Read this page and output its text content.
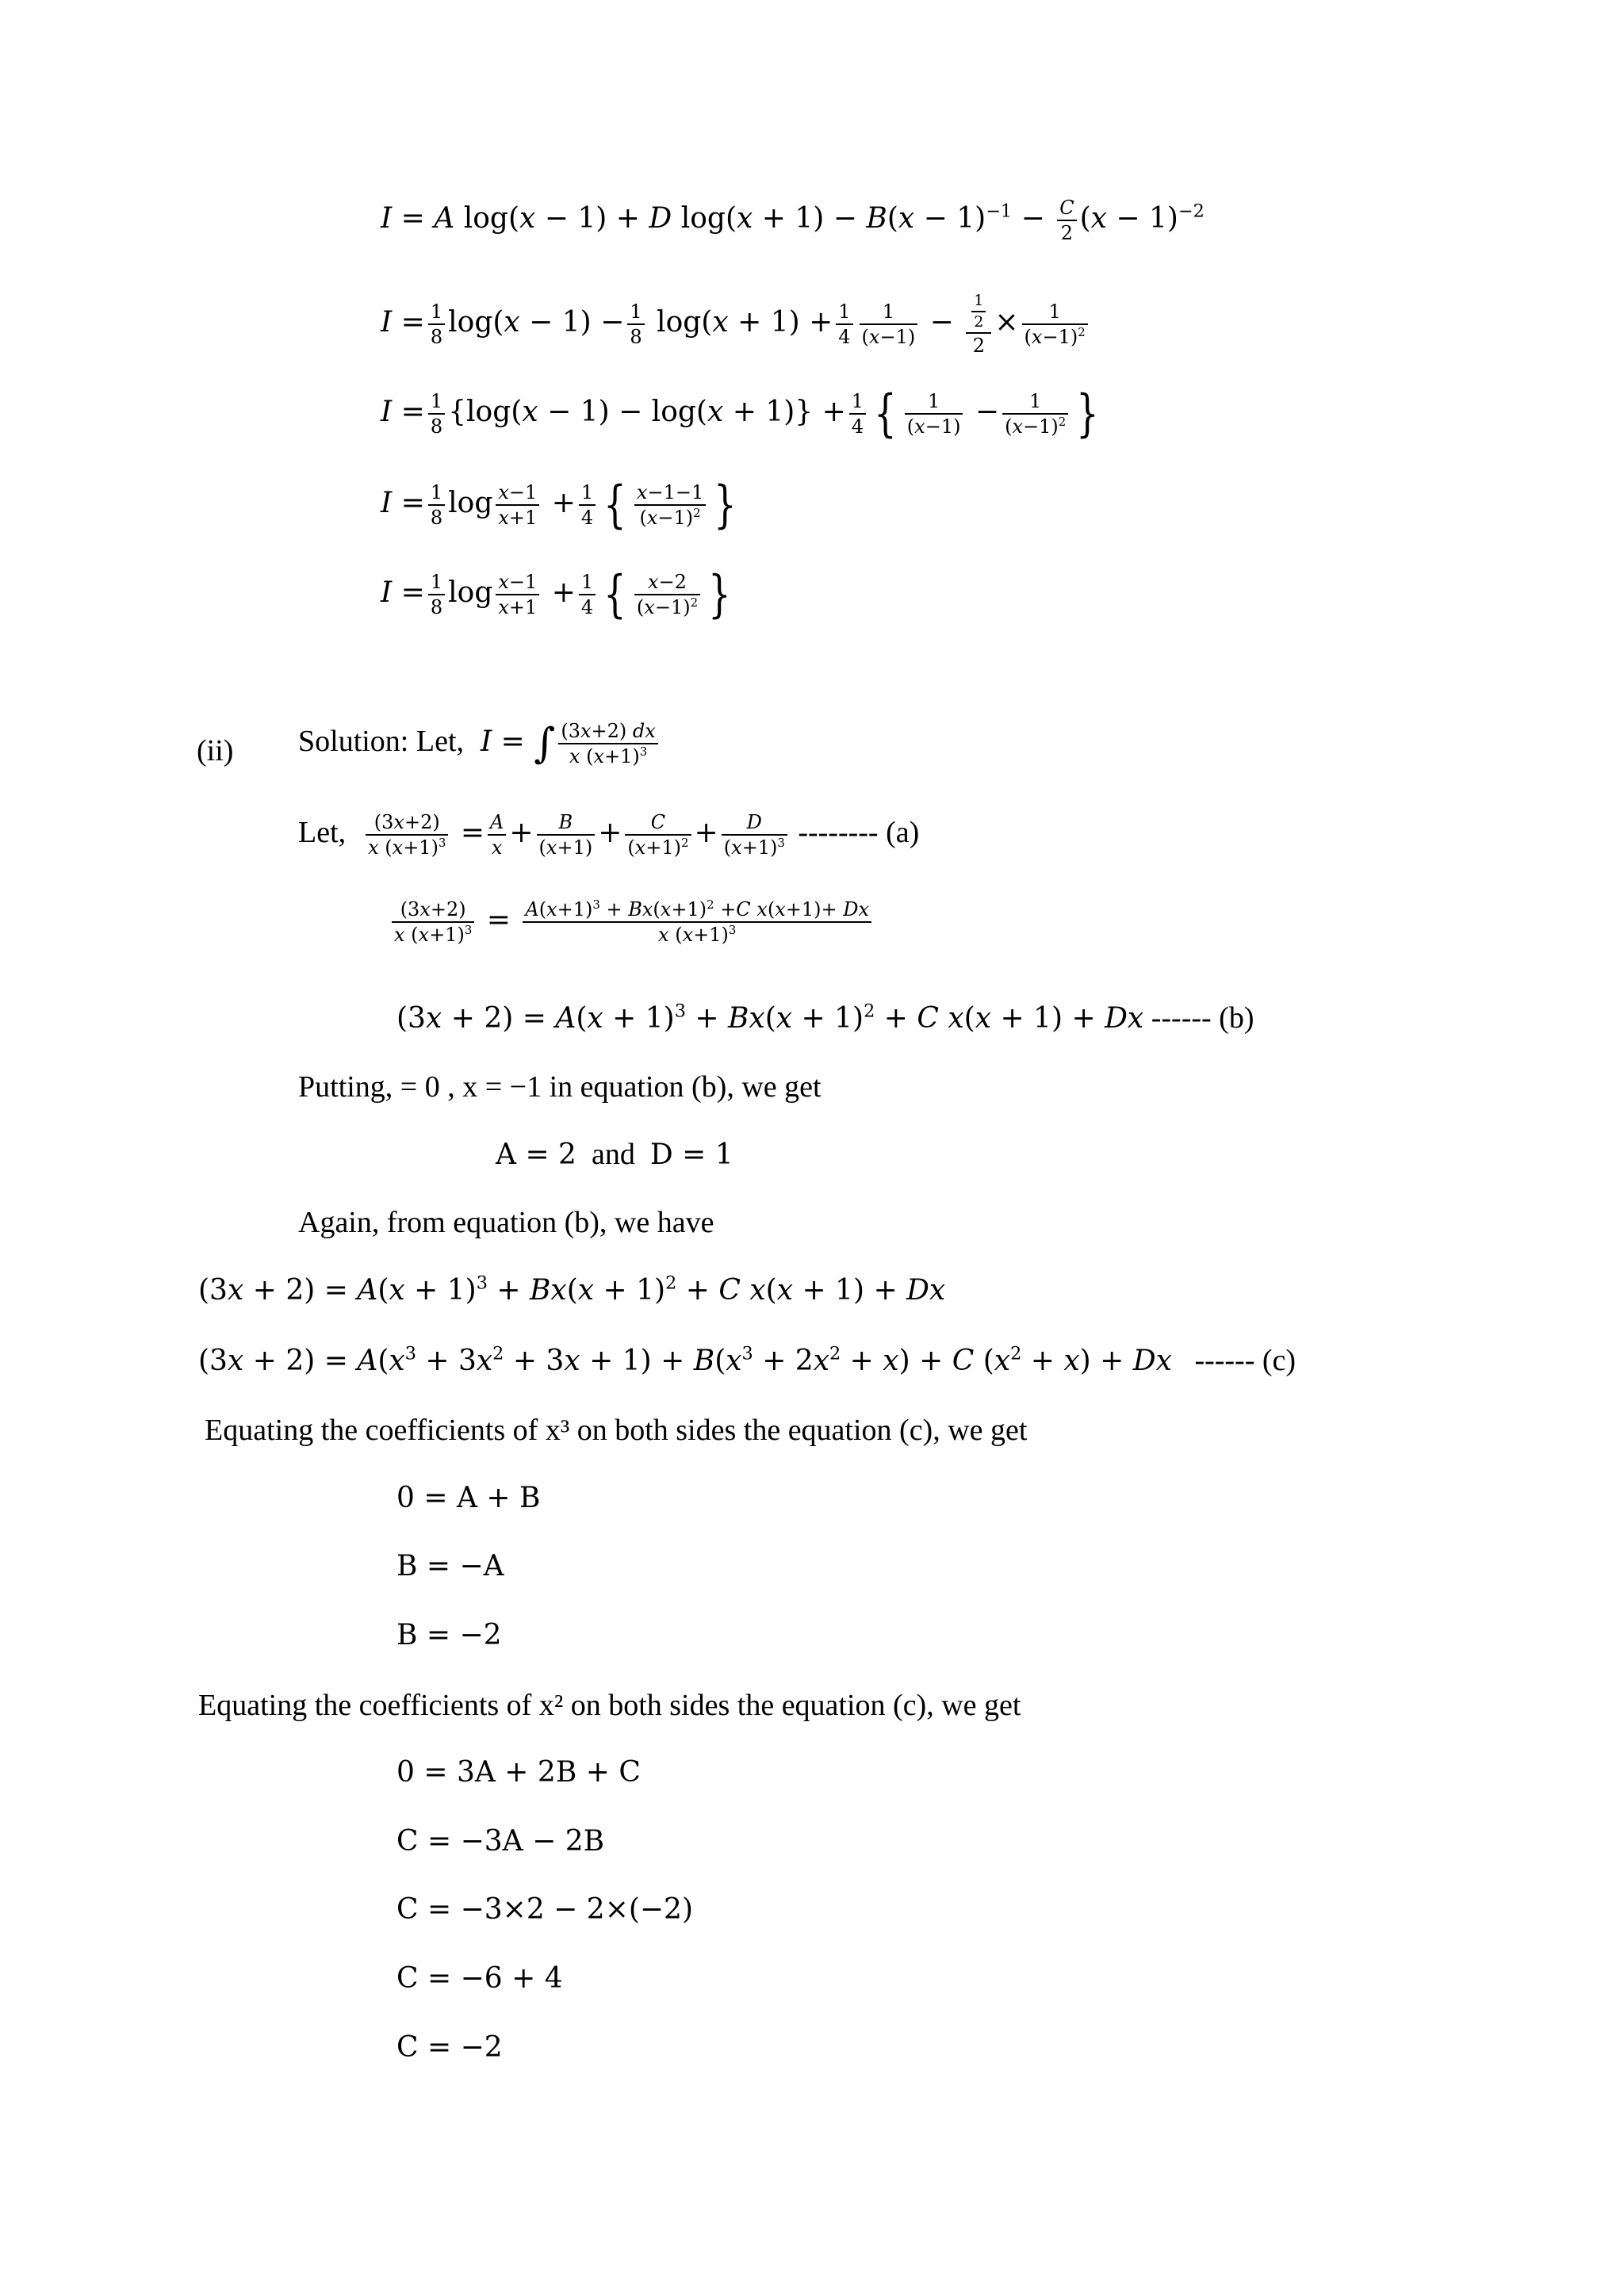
I = A log(x − 1) + D $\log(x + 1) - B(x - 1)^{-1} - \frac{C}{2} (x - 1)^{-2}$
$I = \frac{1}{8} \log(x - 1) - \frac{1}{8} \log(x + 1) + \frac{1}{4} \frac{1}{(x-1)} - \frac{\frac{1}{2}}{2} \times \frac{1}{(x-1)^2}$
$I = \frac{1}{8} \{\log(x - 1) - \log(x + 1)\} + \frac{1}{4}$ { $\frac{1}{(x-1)} - \frac{1}{(x-1)^2}$ }
$I = \frac{1}{8}$ $\log \frac{x-1}{x+1} + \frac{1}{4}$ { $\frac{x-1-1}{(x-1)^2}$ }
$I = \frac{1}{8}$ $\log \frac{x-1}{x+1} + \frac{1}{4}$ { $\frac{x-2}{(x-1)^2}$ }
(ii) Solution: Let, I = ∫ $\frac{(3x+2) dx}{x (x+1)^3}$
Let, $\frac{(3x+2)}{x (x+1)^3} = \frac{A}{x} + \frac{B}{(x+1)} + \frac{C}{(x+1)^2} + \frac{D}{(x+1)^3}$ -------- (a)
$\frac{(3x+2)}{x (x+1)^3} = \frac{A(x+1)^3 + Bx(x+1)^2 +C x(x+1)+ Dx}{x (x+1)^3}$
$(3x + 2) = A(x + 1)^3 + Bx(x + 1)^2 + C$ x(x + 1) + Dx ------ (b)
Putting, = 0 , x = −1 in equation (b), we get
A = 2 and D = 1
Again, from equation (b), we have
$(3x + 2) = A(x + 1)^3 + Bx(x + 1)^2 + C$ x(x + 1) + Dx
$(3x + 2) = A(x^3 + 3x^2 + 3x + 1) + B(x^3 + 2x^2 + x) + C$ $(x^2 + x) + Dx$ ------ (c)
Equating the coefficients of x³ on both sides the equation (c), we get
0 = A + B
B = −A
B = −2
Equating the coefficients of x² on both sides the equation (c), we get
0 = 3A + 2B + C
C = −3A − 2B
C = −3×2 − 2×(−2)
C = −6 + 4
C = −2
